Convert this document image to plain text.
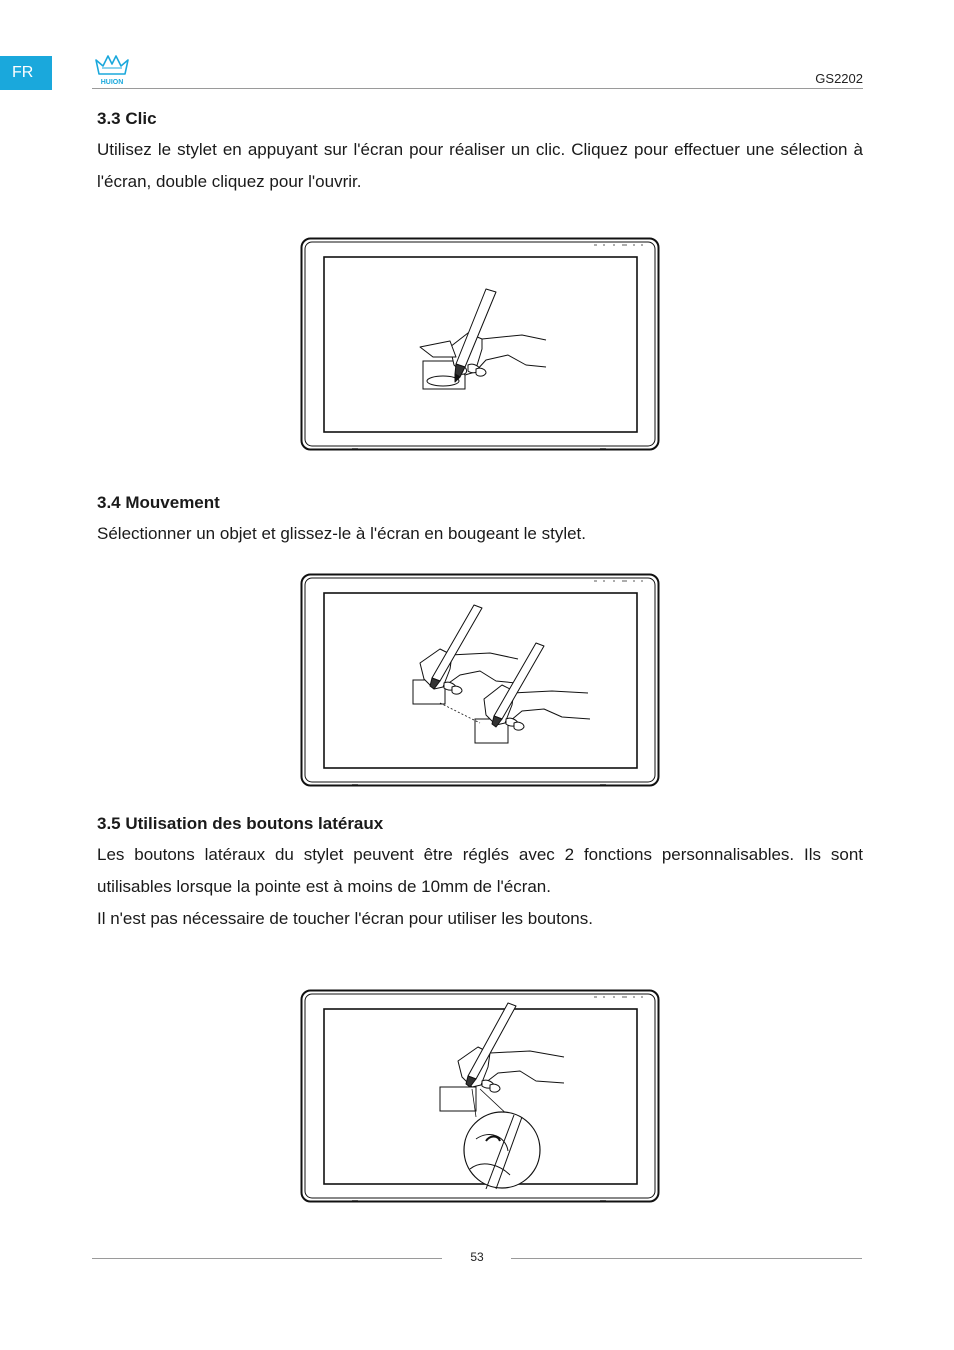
FR
HUION	GS2202
3.3 Clic

Utilisez le stylet en appuyant sur l'écran pour réaliser un clic. Cliquez pour effectuer une sélection à l'écran, double cliquez pour l'ouvrir.

3.4 Mouvement

Sélectionner un objet et glissez-le à l'écran en bougeant le stylet.

3.5 Utilisation des boutons latéraux

Les boutons latéraux du stylet peuvent être réglés avec 2 fonctions personnalisables. Ils sont utilisables lorsque la pointe est à moins de 10mm de l'écran.

Il n'est pas nécessaire de toucher l'écran pour utiliser les boutons.

53
